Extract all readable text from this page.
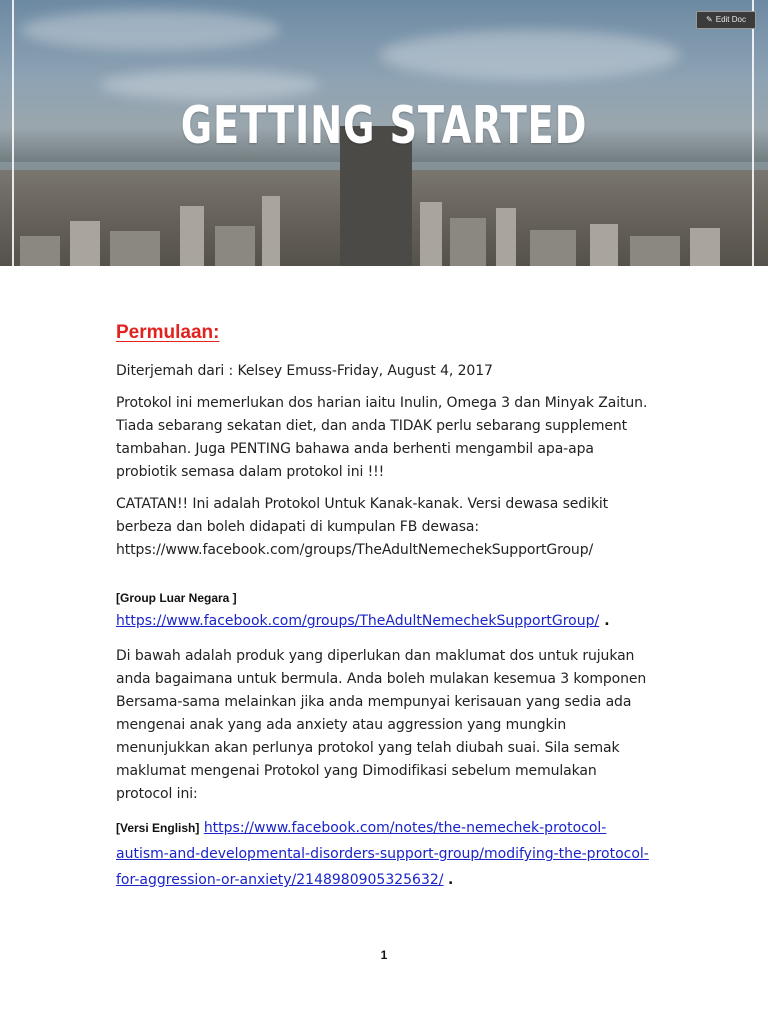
GETTING STARTED
✎ Edit Doc
Permulaan:

Diterjemah dari : Kelsey Emuss-Friday, August 4, 2017

Protokol ini memerlukan dos harian iaitu Inulin, Omega 3 dan Minyak Zaitun. Tiada sebarang sekatan diet, dan anda TIDAK perlu sebarang supplement tambahan. Juga PENTING bahawa anda berhenti mengambil apa-apa probiotik semasa dalam protokol ini !!!

CATATAN!! Ini adalah Protokol Untuk Kanak-kanak. Versi dewasa sedikit berbeza dan boleh didapati di kumpulan FB dewasa: https://www.facebook.com/groups/TheAdultNemechekSupportGroup/

[Group Luar Negara ]
https://www.facebook.com/groups/TheAdultNemechekSupportGroup/ .

Di bawah adalah produk yang diperlukan dan maklumat dos untuk rujukan anda bagaimana untuk bermula. Anda boleh mulakan kesemua 3 komponen Bersama-sama melainkan jika anda mempunyai kerisauan yang sedia ada mengenai anak yang ada anxiety atau aggression yang mungkin menunjukkan akan perlunya protokol yang telah diubah suai. Sila semak maklumat mengenai Protokol yang Dimodifikasi sebelum memulakan protocol ini:

[Versi English] https://www.facebook.com/notes/the-nemechek-protocol-autism-and-developmental-disorders-support-group/modifying-the-protocol-for-aggression-or-anxiety/2148980905325632/ .
1
